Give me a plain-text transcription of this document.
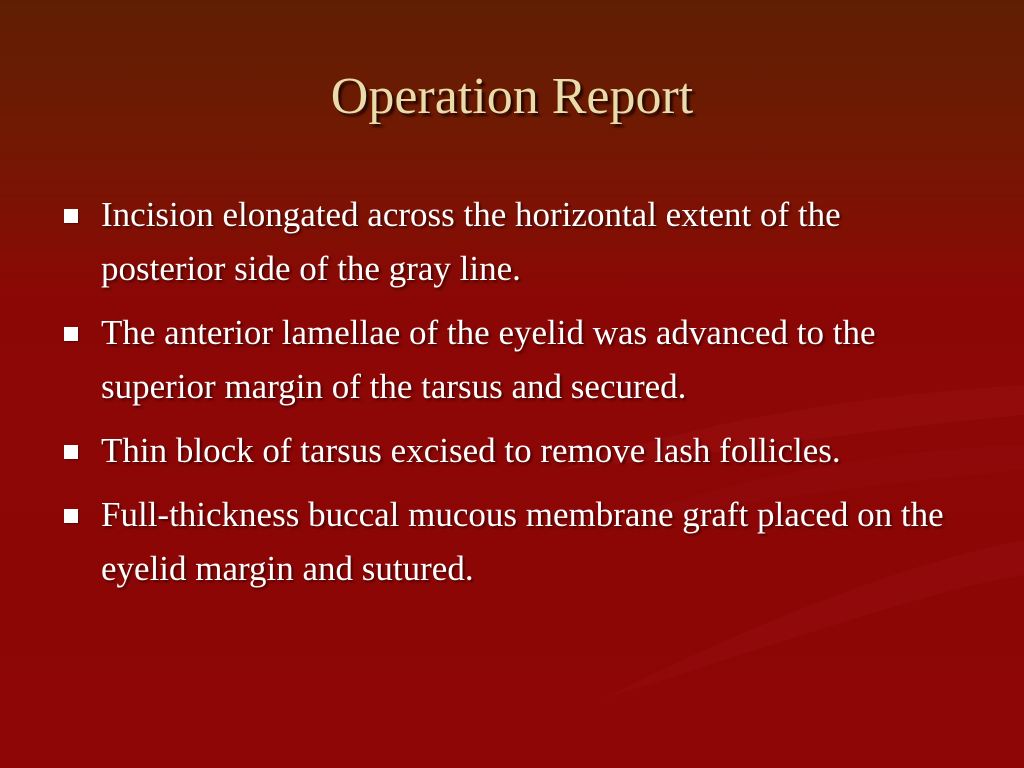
Operation Report
Incision elongated across the horizontal extent of the posterior side of the gray line.
The anterior lamellae of the eyelid was advanced to the superior margin of the tarsus and secured.
Thin block of tarsus excised to remove lash follicles.
Full-thickness buccal mucous membrane graft placed on the eyelid margin and sutured.
